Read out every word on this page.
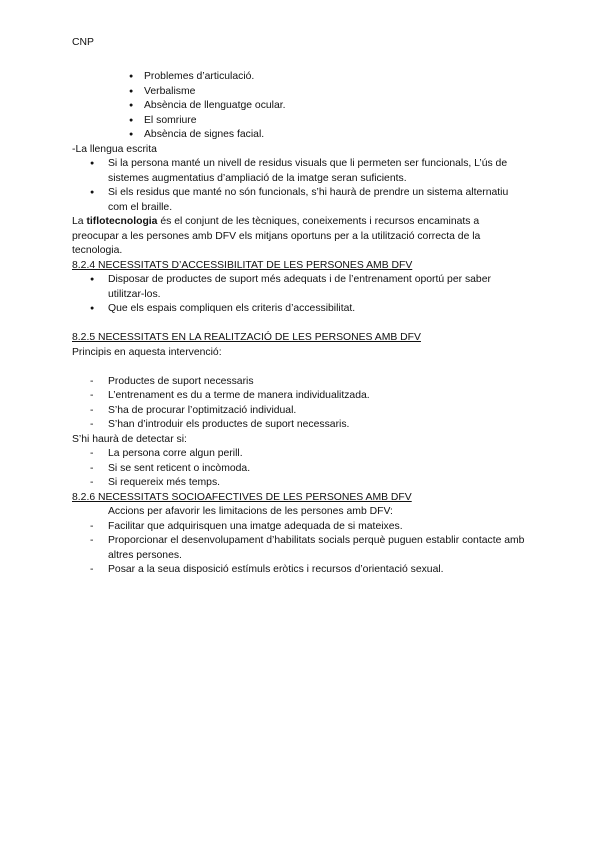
CNP
● Problemes d’articulació.
● Verbalisme
● Absència de llenguatge ocular.
● El somriure
● Absència de signes facial.
-La llengua escrita
● Si la persona manté un nivell de residus visuals que li permeten ser funcionals, L’ús de sistemes augmentatius d’ampliació de la imatge seran suficients.
● Si els residus que manté no són funcionals, s’hi haurà de prendre un sistema alternatiu com el braille.
La tiflotecnologia és el conjunt de les tècniques, coneixements i recursos encaminats a preocupar a les persones amb DFV els mitjans oportuns per a la utilització correcta de la tecnologia.
8.2.4 NECESSITATS D’ACCESSIBILITAT DE LES PERSONES AMB DFV
● Disposar de productes de suport més adequats i de l’entrenament oportú per saber utilitzar-los.
● Que els espais compliquen els criteris d’accessibilitat.
8.2.5 NECESSITATS EN LA REALITZACIÓ DE LES PERSONES AMB DFV
Principis en aquesta intervenció:
- Productes de suport necessaris
- L’entrenament es du a terme de manera individualitzada.
- S’ha de procurar l’optimització individual.
- S’han d’introduir els productes de suport necessaris.
S’hi haurà de detectar si:
- La persona corre algun perill.
- Si se sent reticent o incòmoda.
- Si requereix més temps.
8.2.6 NECESSITATS SOCIOAFECTIVES DE LES PERSONES AMB DFV
Accions per afavorir les limitacions de les persones amb DFV:
- Facilitar que adquirisquen una imatge adequada de si mateixes.
- Proporcionar el desenvolupament d’habilitats socials perquè puguen establir contacte amb altres persones.
- Posar a la seua disposició estímuls eròtics i recursos d’orientació sexual.
